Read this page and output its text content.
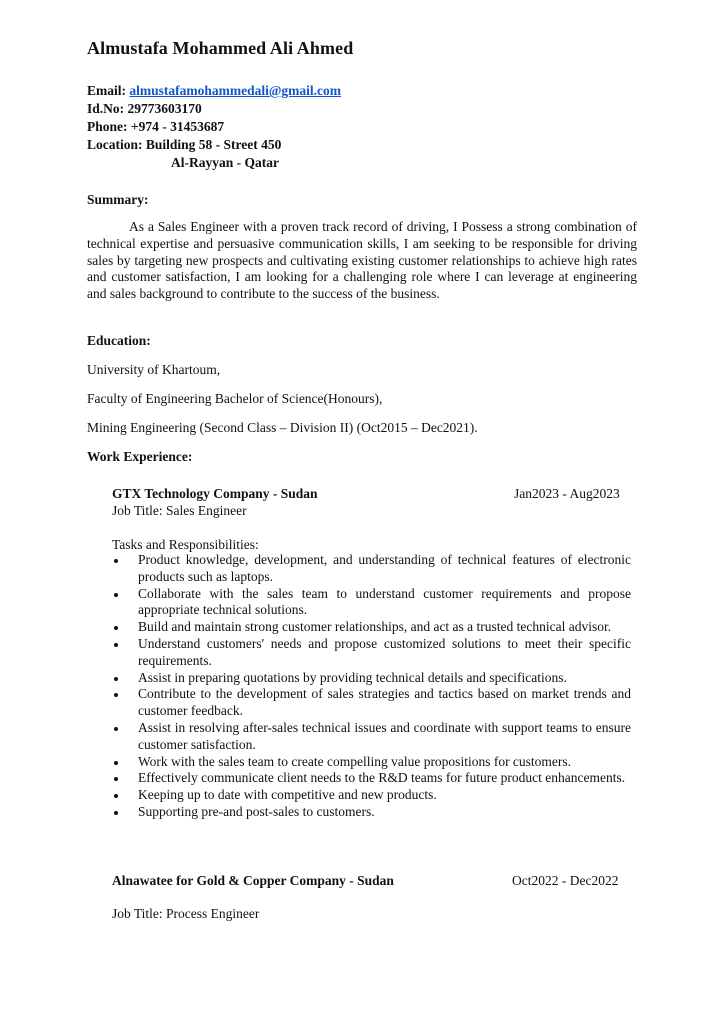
Almustafa Mohammed Ali Ahmed
Email: almustafamohammedali@gmail.com
Id.No: 29773603170
Phone: +974 - 31453687
Location: Building 58 - Street 450
Al-Rayyan - Qatar
Summary:
As a Sales Engineer with a proven track record of driving, I Possess a strong combination of technical expertise and persuasive communication skills, I am seeking to be responsible for driving sales by targeting new prospects and cultivating existing customer relationships to achieve high rates and customer satisfaction, I am looking for a challenging role where I can leverage at engineering and sales background to contribute to the success of the business.
Education:
University of Khartoum,
Faculty of Engineering Bachelor of Science(Honours),
Mining Engineering (Second Class – Division II) (Oct2015 – Dec2021).
Work Experience:
GTX Technology Company - Sudan	Jan2023 - Aug2023
Job Title: Sales Engineer
Tasks and Responsibilities:
Product knowledge, development, and understanding of technical features of electronic products such as laptops.
Collaborate with the sales team to understand customer requirements and propose appropriate technical solutions.
Build and maintain strong customer relationships, and act as a trusted technical advisor.
Understand customers' needs and propose customized solutions to meet their specific requirements.
Assist in preparing quotations by providing technical details and specifications.
Contribute to the development of sales strategies and tactics based on market trends and customer feedback.
Assist in resolving after-sales technical issues and coordinate with support teams to ensure customer satisfaction.
Work with the sales team to create compelling value propositions for customers.
Effectively communicate client needs to the R&D teams for future product enhancements.
Keeping up to date with competitive and new products.
Supporting pre-and post-sales to customers.
Alnawatee for Gold & Copper Company - Sudan	Oct2022 - Dec2022
Job Title: Process Engineer
